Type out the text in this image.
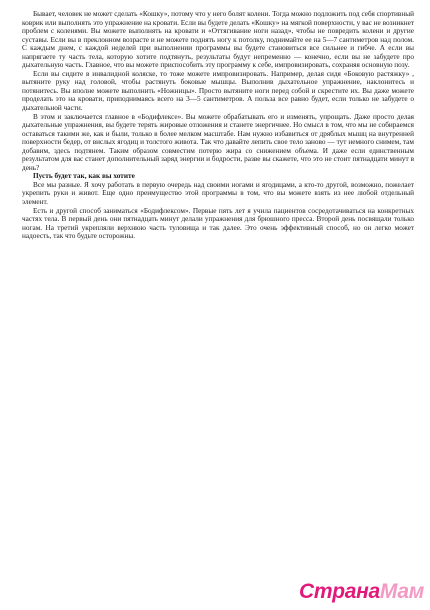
Бывает, человек не может сделать «Кошку», потому что у него болят колени. Тогда можно подложить под себя спортивный коврик или выполнять это упражнение на кровати. Если вы будете делать «Кошку» на мягкой поверхности, у вас не возникнет проблем с коленями. Вы можете выполнять на кровати и «Оттягивание ноги назад», чтобы не повредить колени и другие суставы. Если вы в преклонном возрасте и не можете поднять ногу к потолку, поднимайте ее на 5—7 сантиметров над полом. С каждым днем, с каждой неделей при выполнении программы вы будете становиться все сильнее и гибче. А если вы напрягаете ту часть тела, которую хотите подтянуть, результаты будут непременно — конечно, если вы не забудете про дыхательную часть. Главное, что вы можете приспособить эту программу к себе, импровизировать, сохраняя основную позу.

Если вы сидите в инвалидной коляске, то тоже можете импровизировать. Например, делая сидя «Боковую растяжку» , вытяните руку над головой, чтобы растянуть боковые мышцы. Выполнив дыхательное упражнение, наклонитесь и потянитесь. Вы вполне можете выполнить «Ножницы». Просто вытяните ноги перед собой и скрестите их. Вы даже можете проделать это на кровати, приподнимаясь всего на 3—5 сантиметров. А польза все равно будет, если только не забудете о дыхательной части.

В этом и заключается главное в «Бодифлексе». Вы можете обрабатывать его и изменять, упрощать. Даже просто делая дыхательные упражнения, вы будете терять жировые отложения и станете энергичнее. Но смысл в том, что мы не собираемся оставаться такими же, как и были, только в более мелком масштабе. Нам нужно избавиться от дряблых мышц на внутренней поверхности бедер, от вислых ягодиц и толстого живота. Так что давайте лепить свое тело заново — тут немного снимем, там добавим, здесь подтянем. Таким образом совместим потерю жира со снижением объема. И даже если единственным результатом для вас станет дополнительный заряд энергии и бодрости, разве вы скажете, что это не стоит пятнадцати минут в день?

Пусть будет так, как вы хотите

Все мы разные. Я хочу работать в первую очередь над своими ногами и ягодицами, а кто-то другой, возможно, пожелает укрепить руки и живот. Еще одно преимущество этой программы в том, что вы можете взять из нее любой отдельный элемент.

Есть и другой способ заниматься «Бодифлексом». Первые пять лет я учила пациентов сосредотачиваться на конкретных частях тела. В первый день они пятнадцать минут делали упражнения для брюшного пресса. Второй день посвящали только ногам. На третий укрепляли верхнюю часть туловища и так далее. Это очень эффективный способ, но он легко может надоесть, так что будьте осторожны.

СтранаМам
